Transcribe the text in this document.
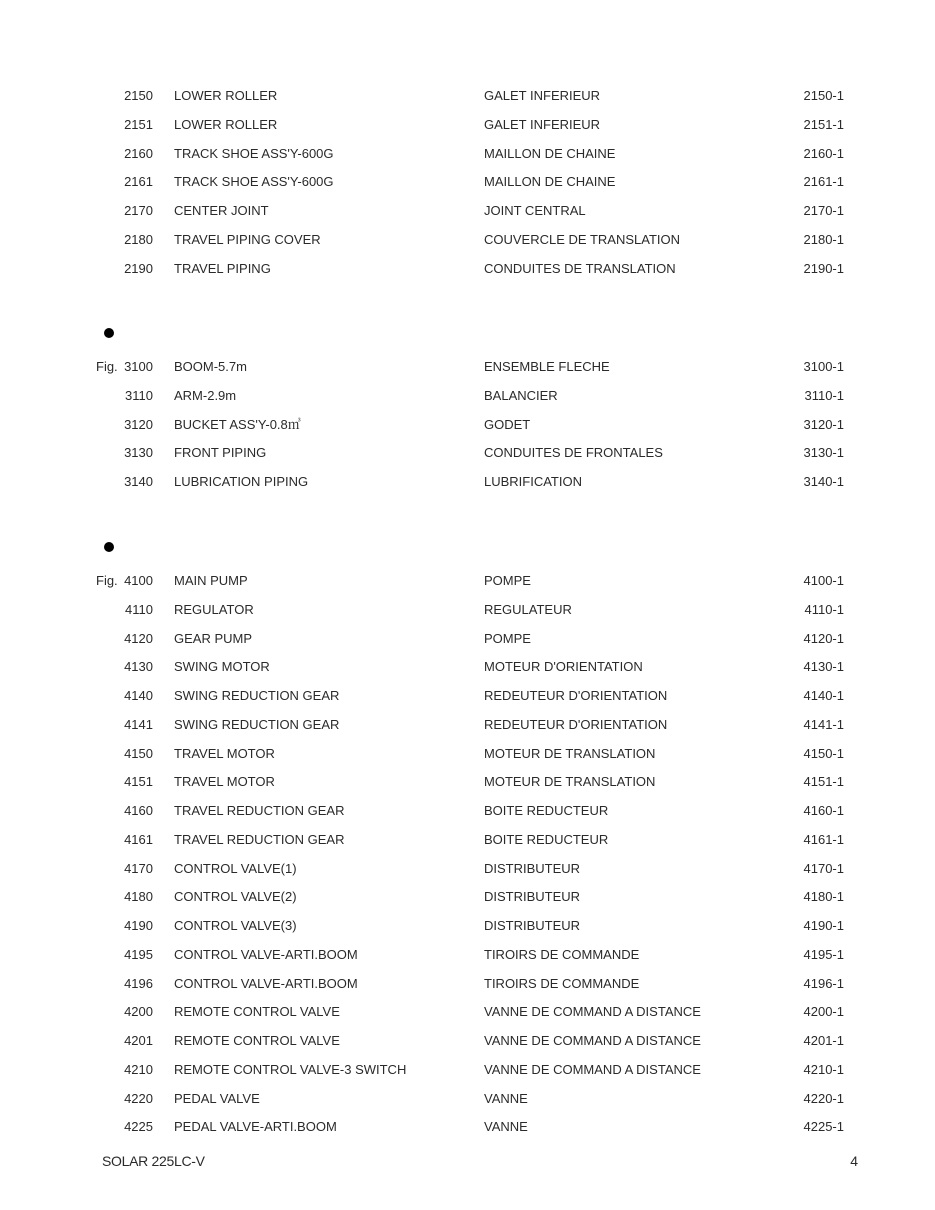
2150 LOWER ROLLER	GALET INFERIEUR	2150-1
2151 LOWER ROLLER	GALET INFERIEUR	2151-1
2160 TRACK SHOE ASS'Y-600G	MAILLON DE CHAINE	2160-1
2161 TRACK SHOE ASS'Y-600G	MAILLON DE CHAINE	2161-1
2170 CENTER JOINT	JOINT CENTRAL	2170-1
2180 TRAVEL PIPING COVER	COUVERCLE DE TRANSLATION	2180-1
2190 TRAVEL PIPING	CONDUITES DE TRANSLATION	2190-1
Fig. 3100 BOOM-5.7m	ENSEMBLE FLECHE	3100-1
3110 ARM-2.9m	BALANCIER	3110-1
3120 BUCKET ASS'Y-0.8㎥	GODET	3120-1
3130 FRONT PIPING	CONDUITES DE FRONTALES	3130-1
3140 LUBRICATION PIPING	LUBRIFICATION	3140-1
Fig. 4100 MAIN PUMP	POMPE	4100-1
4110 REGULATOR	REGULATEUR	4110-1
4120 GEAR PUMP	POMPE	4120-1
4130 SWING MOTOR	MOTEUR D'ORIENTATION	4130-1
4140 SWING REDUCTION GEAR	REDEUTEUR D'ORIENTATION	4140-1
4141 SWING REDUCTION GEAR	REDEUTEUR D'ORIENTATION	4141-1
4150 TRAVEL MOTOR	MOTEUR DE TRANSLATION	4150-1
4151 TRAVEL MOTOR	MOTEUR DE TRANSLATION	4151-1
4160 TRAVEL REDUCTION GEAR	BOITE REDUCTEUR	4160-1
4161 TRAVEL REDUCTION GEAR	BOITE REDUCTEUR	4161-1
4170 CONTROL VALVE(1)	DISTRIBUTEUR	4170-1
4180 CONTROL VALVE(2)	DISTRIBUTEUR	4180-1
4190 CONTROL VALVE(3)	DISTRIBUTEUR	4190-1
4195 CONTROL VALVE-ARTI.BOOM	TIROIRS DE COMMANDE	4195-1
4196 CONTROL VALVE-ARTI.BOOM	TIROIRS DE COMMANDE	4196-1
4200 REMOTE CONTROL VALVE	VANNE DE COMMAND A DISTANCE	4200-1
4201 REMOTE CONTROL VALVE	VANNE DE COMMAND A DISTANCE	4201-1
4210 REMOTE CONTROL VALVE-3 SWITCH	VANNE DE COMMAND A DISTANCE	4210-1
4220 PEDAL VALVE	VANNE	4220-1
4225 PEDAL VALVE-ARTI.BOOM	VANNE	4225-1
SOLAR 225LC-V	4
